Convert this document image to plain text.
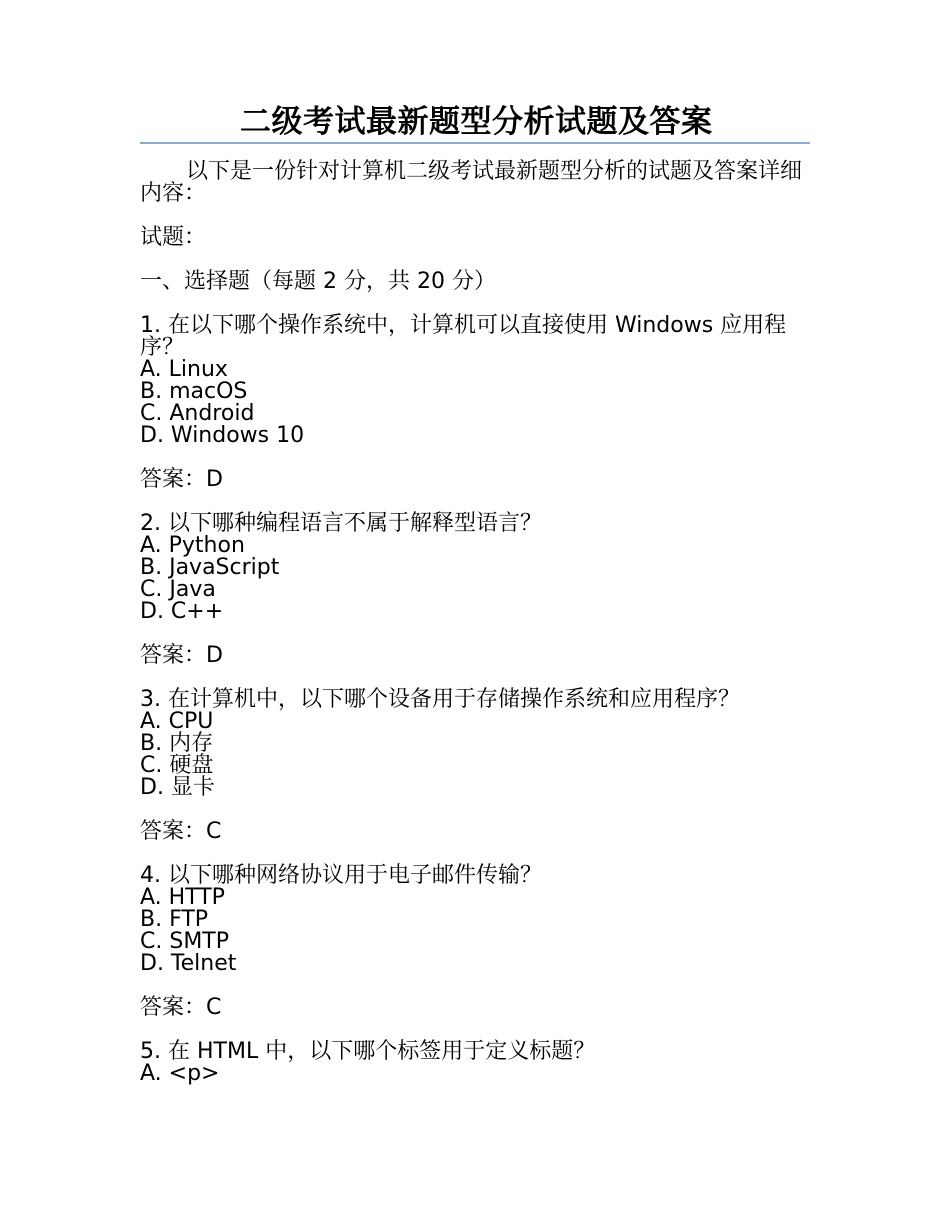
二级考试最新题型分析试题及答案

以下是一份针对计算机二级考试最新题型分析的试题及答案详细内容：

试题：

一、选择题（每题 2 分，共 20 分）

1. 在以下哪个操作系统中，计算机可以直接使用 Windows 应用程序？

A. Linux

B. macOS

C. Android

D. Windows 10

答案：D

2. 以下哪种编程语言不属于解释型语言？

A. Python

B. JavaScript

C. Java

D. C++

答案：D

3. 在计算机中，以下哪个设备用于存储操作系统和应用程序？

A. CPU

B. 内存

C. 硬盘

D. 显卡

答案：C

4. 以下哪种网络协议用于电子邮件传输？

A. HTTP

B. FTP

C. SMTP

D. Telnet

答案：C

5. 在 HTML 中，以下哪个标签用于定义标题？

A. <p>
